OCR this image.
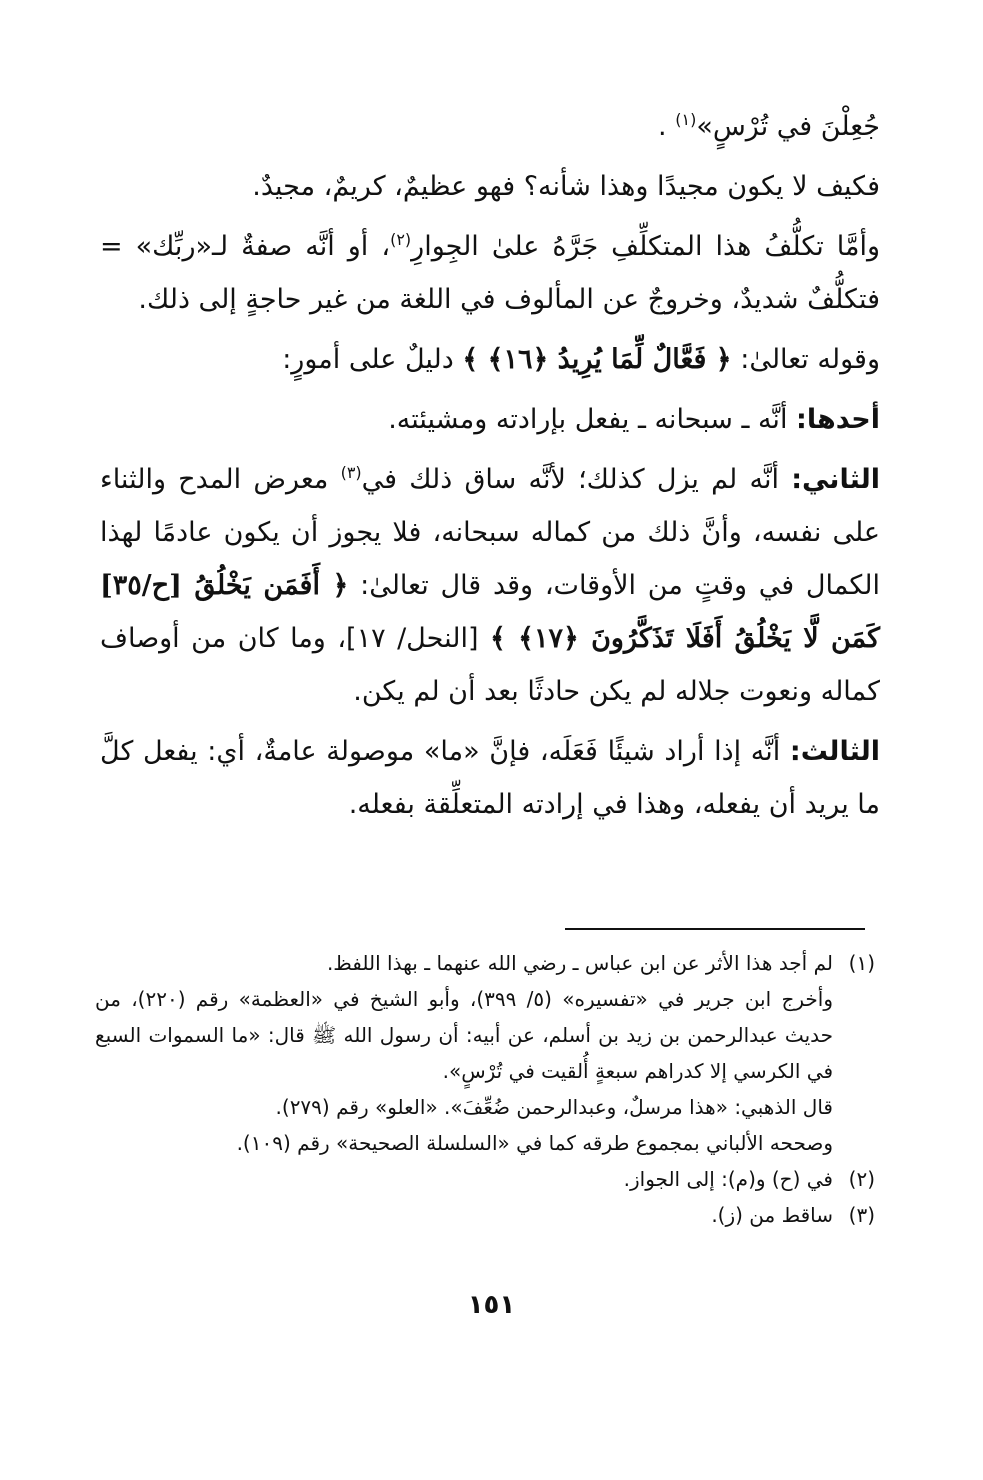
جُعِلْنَ في تُرْسٍ»$^{(١)}$ .

فكيف لا يكون مجيدًا وهذا شأنه؟ فهو عظيمٌ، كريمٌ، مجيدٌ.

وأمَّا تكلُّفُ هذا المتكلِّفِ جَرَّهُ علىٰ الجِوارِ$^{(٢)}$، أو أنَّه صفةٌ لـ«ربِّك» = فتكلُّفٌ شديدٌ، وخروجٌ عن المألوف في اللغة من غير حاجةٍ إلى ذلك.

وقوله تعالىٰ: ﴿ فَعَّالٌ لِّمَا يُرِيدُ ﴿١٦﴾ ﴾ دليلٌ على أمورٍ:

أحدها: أنَّه ـ سبحانه ـ يفعل بإرادته ومشيئته.

الثاني: أنَّه لم يزل كذلك؛ لأنَّه ساق ذلك في$^{(٣)}$ معرض المدح والثناء على نفسه، وأنَّ ذلك من كماله سبحانه، فلا يجوز أن يكون عادمًا لهذا الكمال في وقتٍ من الأوقات، وقد قال تعالىٰ: ﴿ أَفَمَن يَخْلُقُ [ح/٣٥] كَمَن لَّا يَخْلُقُ أَفَلَا تَذَكَّرُونَ ﴿١٧﴾ ﴾ [النحل/ ١٧]، وما كان من أوصاف كماله ونعوت جلاله لم يكن حادثًا بعد أن لم يكن.

الثالث: أنَّه إذا أراد شيئًا فَعَلَه، فإنَّ «ما» موصولة عامةٌ، أي: يفعل كلَّ ما يريد أن يفعله، وهذا في إرادته المتعلِّقة بفعله.

(١)

لم أجد هذا الأثر عن ابن عباس ـ رضي الله عنهما ـ بهذا اللفظ.

وأخرج ابن جرير في «تفسيره» (٥/ ٣٩٩)، وأبو الشيخ في «العظمة» رقم (٢٢٠)، من حديث عبدالرحمن بن زيد بن أسلم، عن أبيه: أن رسول الله ﷺ قال: «ما السموات السبع في الكرسي إلا كدراهم سبعةٍ أُلقيت في تُرْسٍ».

قال الذهبي: «هذا مرسلٌ، وعبدالرحمن ضُعِّفَ». «العلو» رقم (٢٧٩).

وصححه الألباني بمجموع طرقه كما في «السلسلة الصحيحة» رقم (١٠٩).

(٢)

في (ح) و(م): إلى الجواز.

(٣)

ساقط من (ز).

١٥١
